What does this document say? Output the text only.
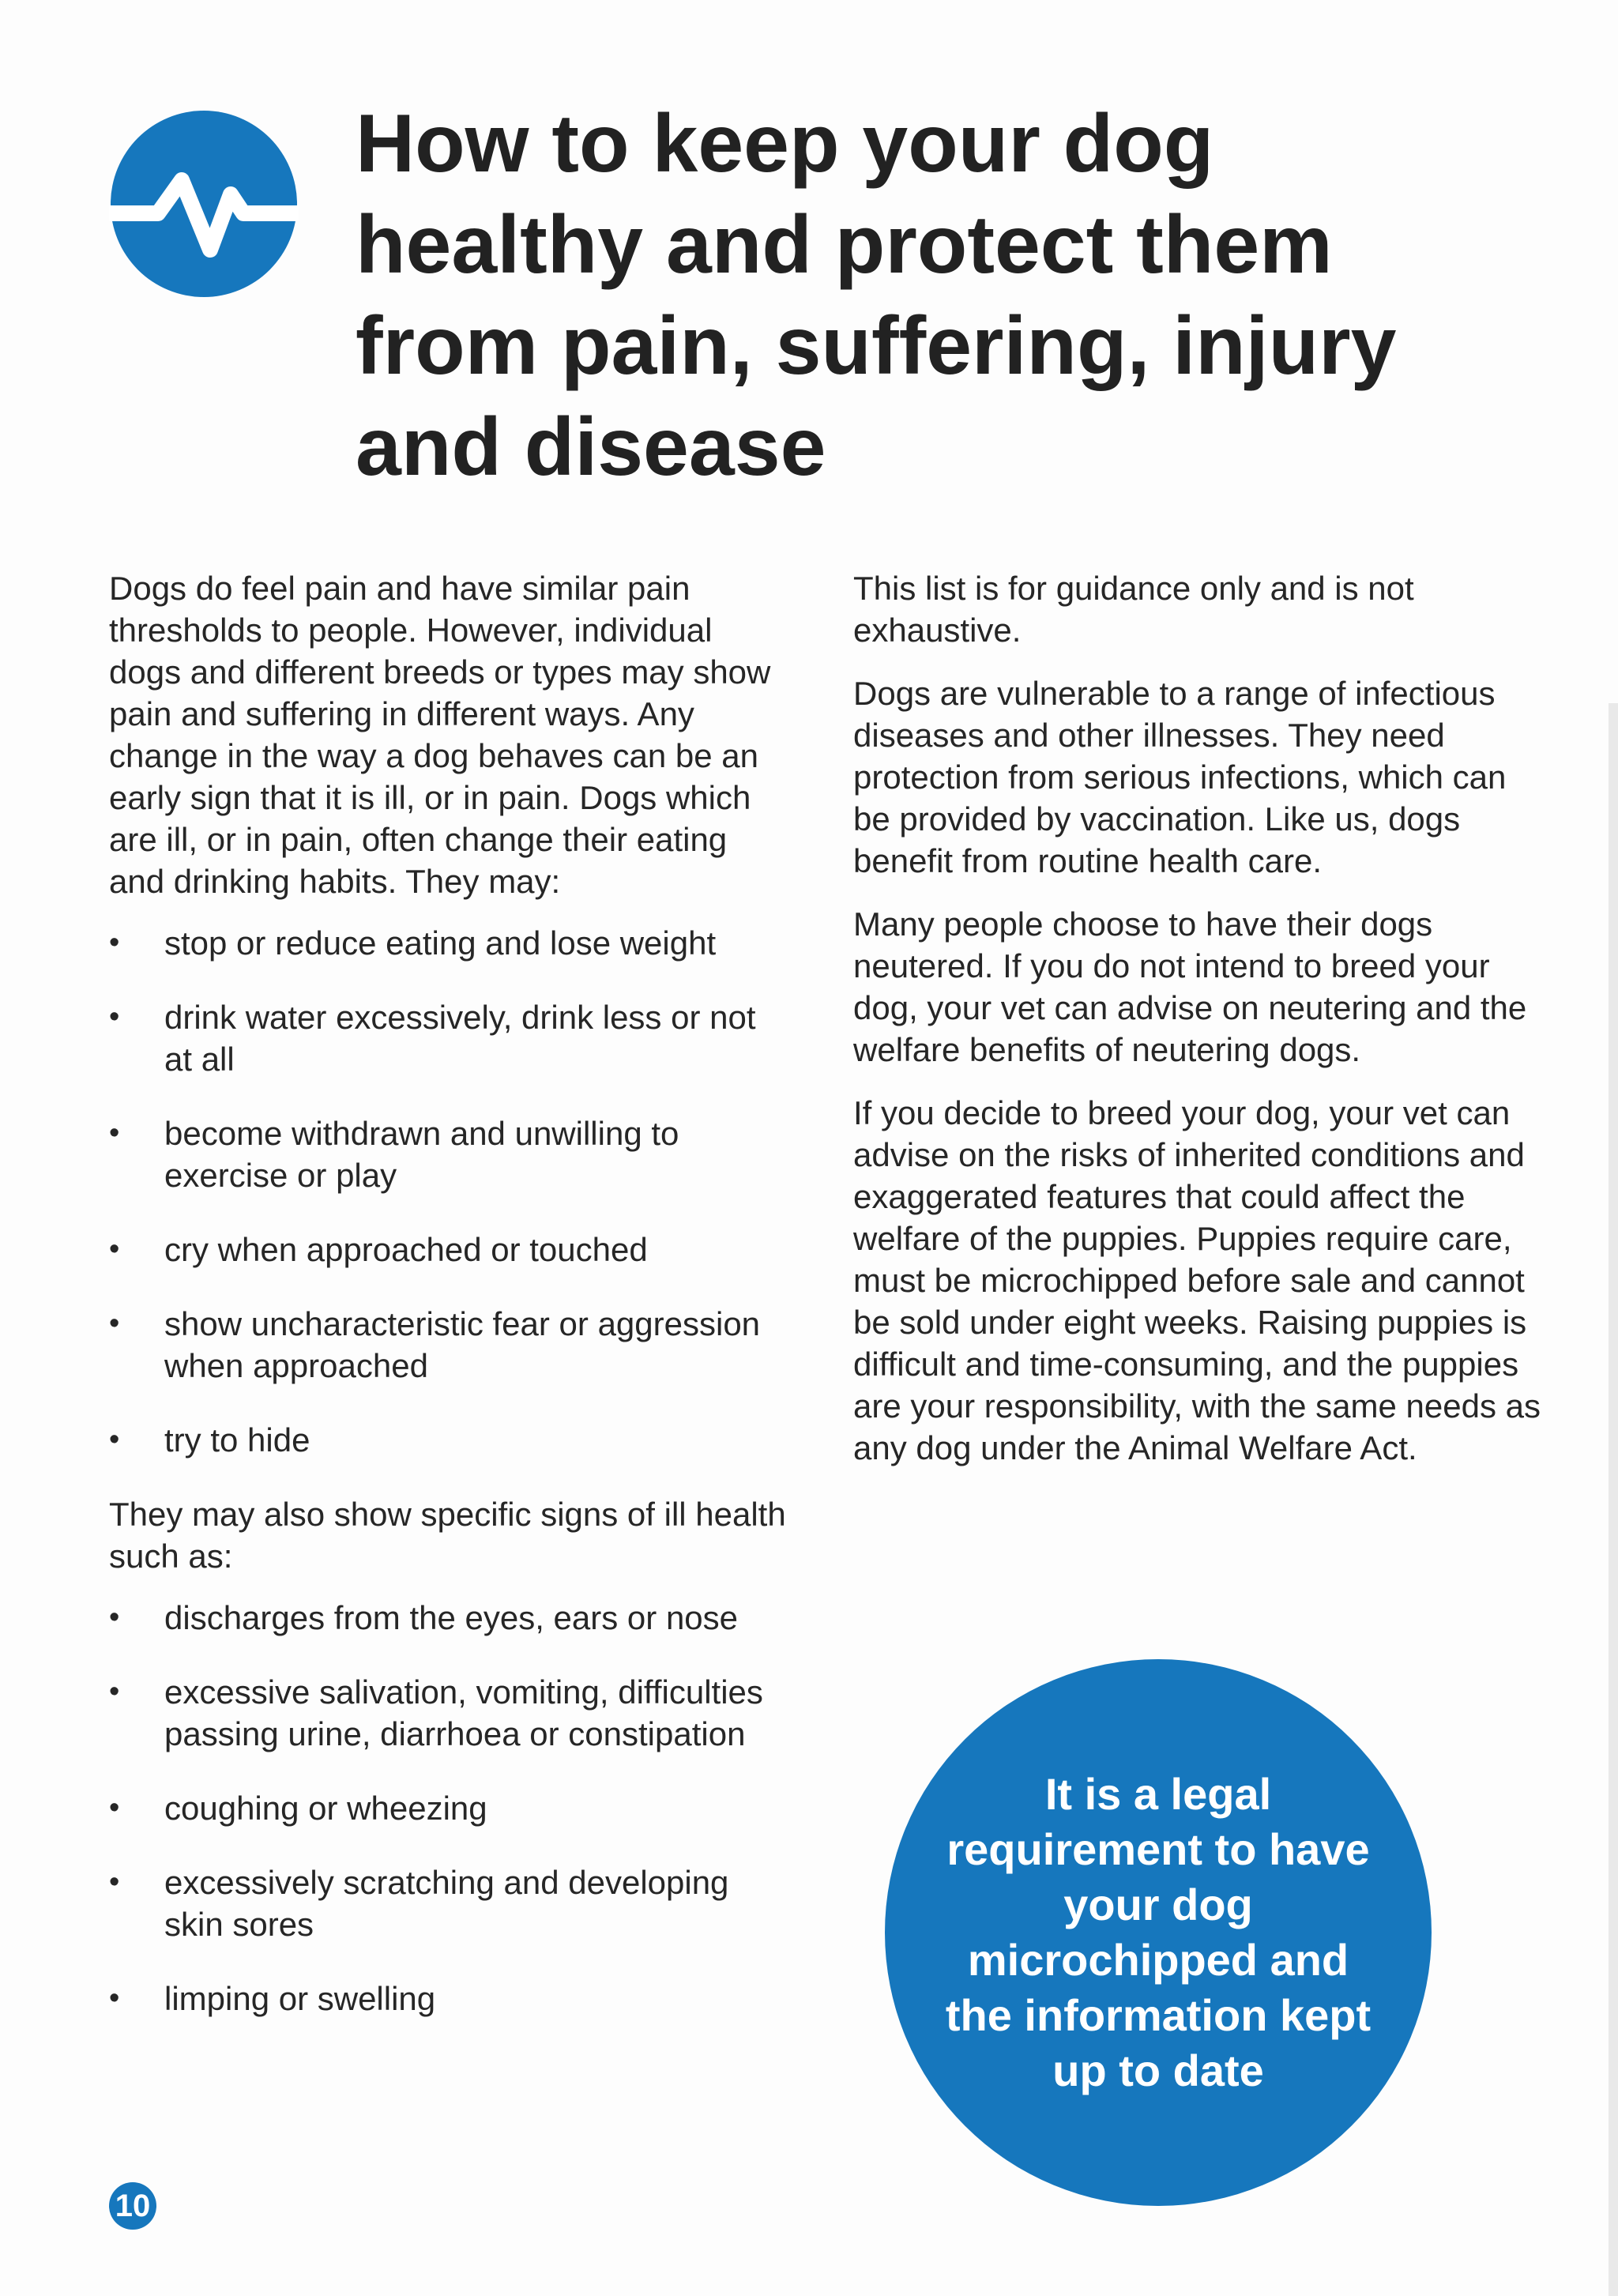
How to keep your dog
healthy and protect them
from pain, suffering, injury
and disease

Dogs do feel pain and have similar pain thresholds to people. However, individual dogs and different breeds or types may show pain and suffering in different ways. Any change in the way a dog behaves can be an early sign that it is ill, or in pain. Dogs which are ill, or in pain, often change their eating and drinking habits. They may:

• stop or reduce eating and lose weight
• drink water excessively, drink less or not at all
• become withdrawn and unwilling to exercise or play
• cry when approached or touched
• show uncharacteristic fear or aggression when approached
• try to hide

They may also show specific signs of ill health such as:

• discharges from the eyes, ears or nose
• excessive salivation, vomiting, difficulties passing urine, diarrhoea or constipation
• coughing or wheezing
• excessively scratching and developing skin sores
• limping or swelling

This list is for guidance only and is not exhaustive.

Dogs are vulnerable to a range of infectious diseases and other illnesses. They need protection from serious infections, which can be provided by vaccination. Like us, dogs benefit from routine health care.

Many people choose to have their dogs neutered. If you do not intend to breed your dog, your vet can advise on neutering and the welfare benefits of neutering dogs.

If you decide to breed your dog, your vet can advise on the risks of inherited conditions and exaggerated features that could affect the welfare of the puppies. Puppies require care, must be microchipped before sale and cannot be sold under eight weeks. Raising puppies is difficult and time-consuming, and the puppies are your responsibility, with the same needs as any dog under the Animal Welfare Act.

It is a legal requirement to have your dog microchipped and the information kept up to date
10
